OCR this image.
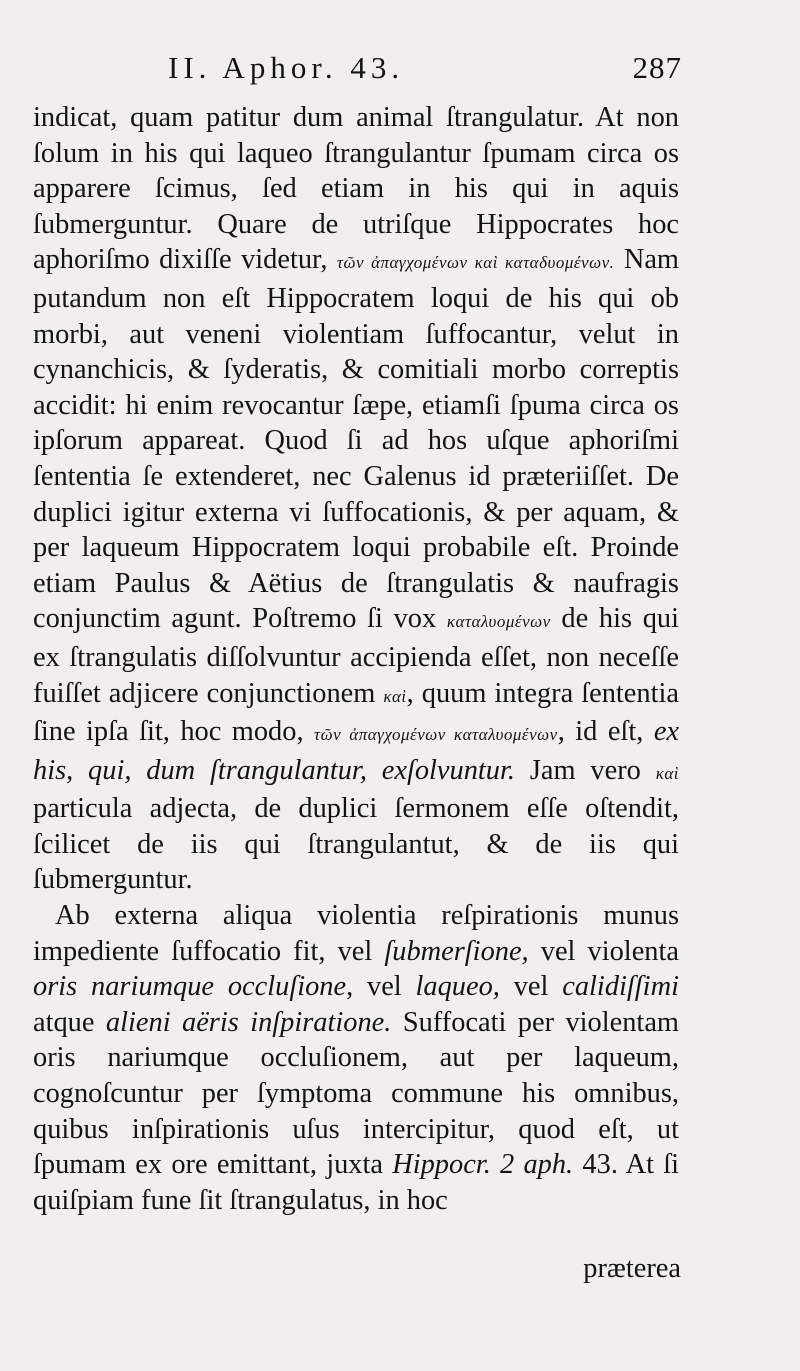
II. Aphor. 43.	287

indicat, quam patitur dum animal ſtrangulatur. At non ſolum in his qui laqueo ſtrangulantur ſpumam circa os apparere ſcimus, ſed etiam in his qui in aquis ſubmerguntur. Quare de utriſque Hippocrates hoc aphoriſmo dixiſſe videtur, τῶν ἀπαγχομένων καὶ καταδυομένων. Nam putandum non eſt Hippocratem loqui de his qui ob morbi, aut veneni violentiam ſuffocantur, velut in cynanchicis, & ſyderatis, & comitiali morbo correptis accidit: hi enim revocantur ſæpe, etiamſi ſpuma circa os ipſorum appareat. Quod ſi ad hos uſque aphoriſmi ſententia ſe extenderet, nec Galenus id præteriiſſet. De duplici igitur externa vi ſuffocationis, & per aquam, & per laqueum Hippocratem loqui probabile eſt. Proinde etiam Paulus & Aëtius de ſtrangulatis & naufragis conjunctim agunt. Poſtremo ſi vox καταλυομένων de his qui ex ſtrangulatis diſſolvuntur accipienda eſſet, non neceſſe fuiſſet adjicere conjunctionem καὶ, quum integra ſententia ſine ipſa ſit, hoc modo, τῶν ἀπαγχομένων καταλυομένων, id eſt, ex his, qui, dum ſtrangulantur, exſolvuntur. Jam vero καὶ particula adjecta, de duplici ſermonem eſſe oſtendit, ſcilicet de iis qui ſtrangulantut, & de iis qui ſubmerguntur.

Ab externa aliqua violentia reſpirationis munus impediente ſuffocatio fit, vel ſubmerſione, vel violenta oris nariumque occluſione, vel laqueo, vel calidiſſimi atque alieni aëris inſpiratione. Suffocati per violentam oris nariumque occluſionem, aut per laqueum, cognoſcuntur per ſymptoma commune his omnibus, quibus inſpirationis uſus intercipitur, quod eſt, ut ſpumam ex ore emittant, juxta Hippocr. 2 aph. 43. At ſi quiſpiam fune ſit ſtrangulatus, in hoc

præterea
